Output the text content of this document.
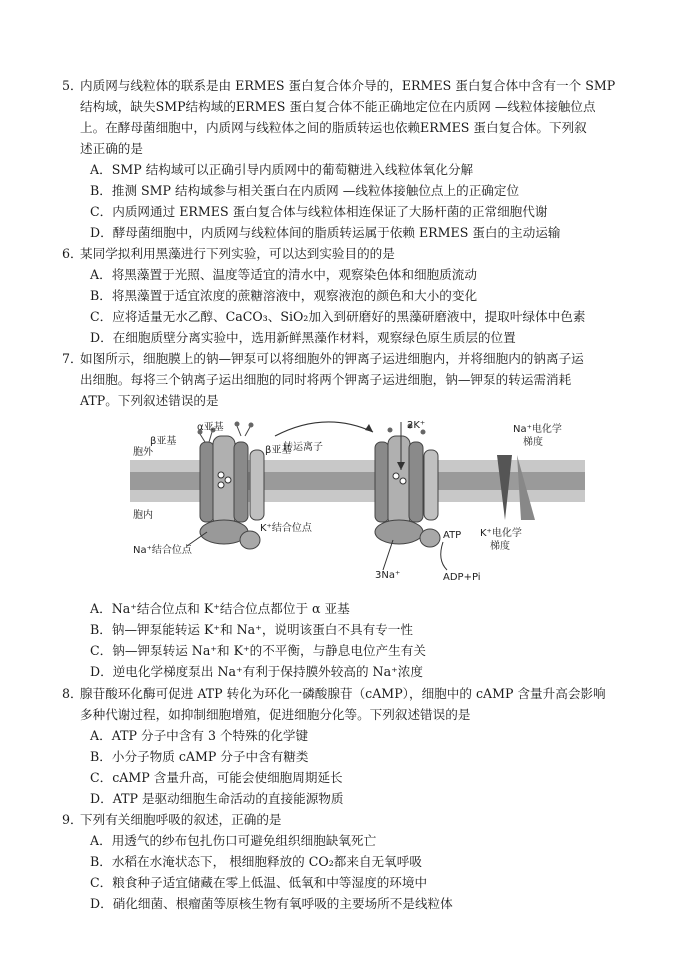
5．内质网与线粒体的联系是由 ERMES 蛋白复合体介导的，ERMES 蛋白复合体中含有一个 SMP
结构域，缺失SMP结构域的ERMES 蛋白复合体不能正确地定位在内质网 —线粒体接触位点
上。在酵母菌细胞中，内质网与线粒体之间的脂质转运也依赖ERMES 蛋白复合体。下列叙
述正确的是
A．SMP 结构域可以正确引导内质网中的葡萄糖进入线粒体氧化分解
B．推测 SMP 结构域参与相关蛋白在内质网 —线粒体接触位点上的正确定位
C．内质网通过 ERMES 蛋白复合体与线粒体相连保证了大肠杆菌的正常细胞代谢
D．酵母菌细胞中，内质网与线粒体间的脂质转运属于依赖 ERMES 蛋白的主动运输
6．某同学拟利用黑藻进行下列实验，可以达到实验目的的是
A．将黑藻置于光照、温度等适宜的清水中，观察染色体和细胞质流动
B．将黑藻置于适宜浓度的蔗糖溶液中，观察液泡的颜色和大小的变化
C．应将适量无水乙醇、CaCO₃、SiO₂加入到研磨好的黑藻研磨液中，提取叶绿体中色素
D．在细胞质壁分离实验中，选用新鲜黑藻作材料，观察绿色原生质层的位置
7．如图所示，细胞膜上的钠—钾泵可以将细胞外的钾离子运进细胞内，并将细胞内的钠离子运
出细胞。每将三个钠离子运出细胞的同时将两个钾离子运进细胞，钠—钾泵的转运需消耗
ATP。下列叙述错误的是
胞外
胞内
α亚基
β亚基
β亚基
K⁺结合位点
Na⁺结合位点
转运离子
2K⁺
3Na⁺
ATP
ADP+Pi
Na⁺电化学
梯度
K⁺电化学
梯度
A．Na⁺结合位点和 K⁺结合位点都位于 α 亚基
B．钠—钾泵能转运 K⁺和 Na⁺，说明该蛋白不具有专一性
C．钠—钾泵转运 Na⁺和 K⁺的不平衡，与静息电位产生有关
D．逆电化学梯度泵出 Na⁺有利于保持膜外较高的 Na⁺浓度
8．腺苷酸环化酶可促进 ATP 转化为环化一磷酸腺苷（cAMP），细胞中的 cAMP 含量升高会影响
多种代谢过程，如抑制细胞增殖，促进细胞分化等。下列叙述错误的是
A．ATP 分子中含有 3 个特殊的化学键
B．小分子物质 cAMP 分子中含有糖类
C．cAMP 含量升高，可能会使细胞周期延长
D．ATP 是驱动细胞生命活动的直接能源物质
9．下列有关细胞呼吸的叙述，正确的是
A．用透气的纱布包扎伤口可避免组织细胞缺氧死亡
B．水稻在水淹状态下， 根细胞释放的 CO₂都来自无氧呼吸
C．粮食种子适宜储藏在零上低温、低氧和中等湿度的环境中
D．硝化细菌、根瘤菌等原核生物有氧呼吸的主要场所不是线粒体
